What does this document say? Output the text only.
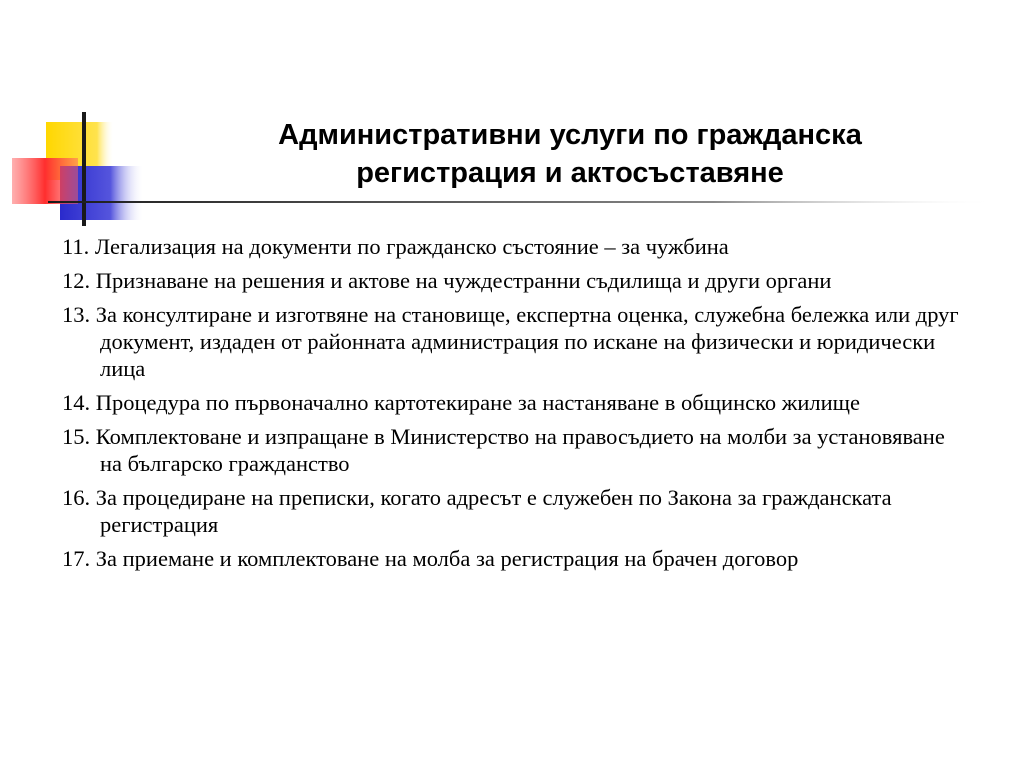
Административни услуги по гражданска
регистрация и актосъставяне
11. Легализация на документи по гражданско състояние – за чужбина
12. Признаване на решения и актове на чуждестранни съдилища и други органи
13. За консултиране и изготвяне на становище, експертна оценка, служебна бележка или друг документ, издаден от районната администрация по искане на физически и юридически лица
14. Процедура по първоначално картотекиране за настаняване в общинско жилище
15. Комплектоване и изпращане в Министерство на правосъдието на молби за установяване на българско гражданство
16. За процедиране на преписки, когато адресът е служебен по Закона за гражданската регистрация
17. За приемане и комплектоване на молба за регистрация на брачен договор
